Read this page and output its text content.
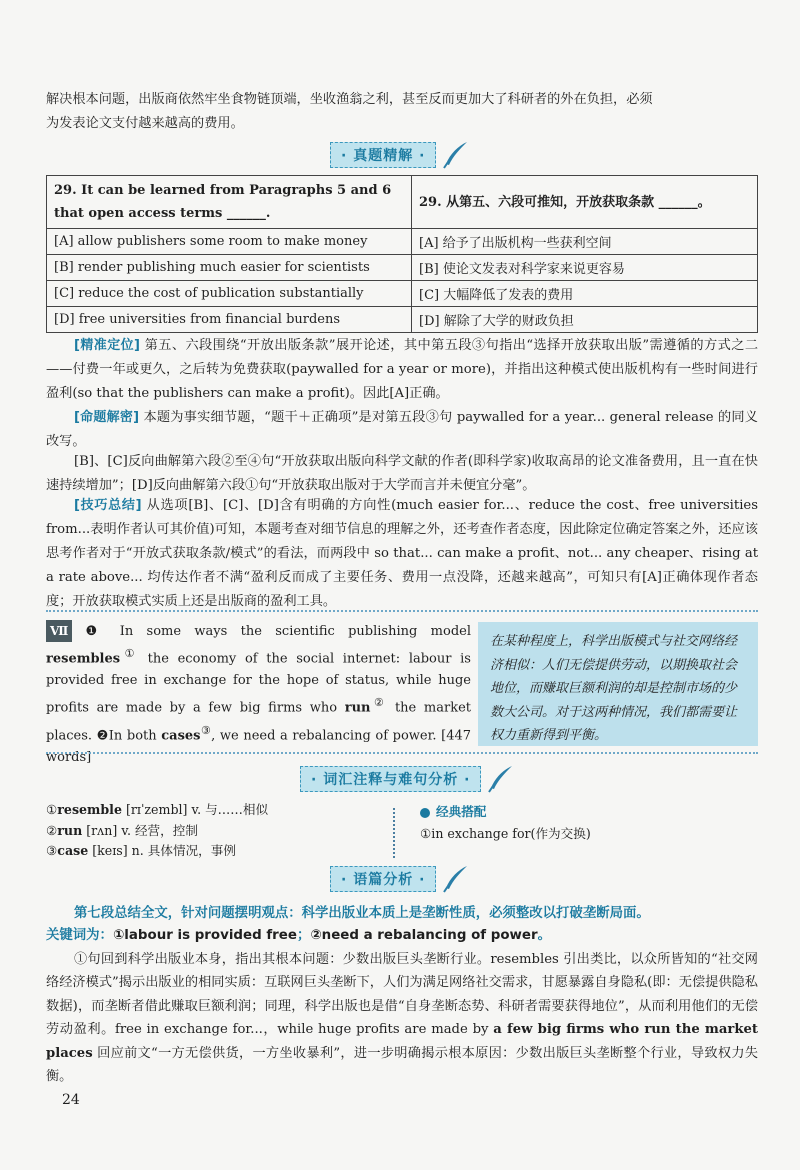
解决根本问题，出版商依然牢坐食物链顶端，坐收渔翁之利，甚至反而更加大了科研者的外在负担，必须
为发表论文支付越来越高的费用。

· 真题精解 ·
29. It can be learned from Paragraphs 5 and 6 that open access terms ______.	29. 从第五、六段可推知，开放获取条款 ______。
[A] allow publishers some room to make money	[A] 给予了出版机构一些获利空间
[B] render publishing much easier for scientists	[B] 使论文发表对科学家来说更容易
[C] reduce the cost of publication substantially	[C] 大幅降低了发表的费用
[D] free universities from financial burdens	[D] 解除了大学的财政负担

[精准定位] 第五、六段围绕“开放出版条款”展开论述，其中第五段③句指出“选择开放获取出版”需遵循的方式之二——付费一年或更久，之后转为免费获取(paywalled for a year or more)，并指出这种模式使出版机构有一些时间进行盈利(so that the publishers can make a profit)。因此[A]正确。

[命题解密] 本题为事实细节题，“题干＋正确项”是对第五段③句 paywalled for a year... general release 的同义改写。

[B]、[C]反向曲解第六段②至④句“开放获取出版向科学文献的作者(即科学家)收取高昂的论文准备费用，且一直在快速持续增加”；[D]反向曲解第六段①句“开放获取出版对于大学而言并未便宜分毫”。

[技巧总结] 从选项[B]、[C]、[D]含有明确的方向性(much easier for...、reduce the cost、free universities from...表明作者认可其价值)可知，本题考查对细节信息的理解之外，还考查作者态度，因此除定位确定答案之外，还应该思考作者对于“开放式获取条款/模式”的看法，而两段中 so that... can make a profit、not... any cheaper、rising at a rate above... 均传达作者不满“盈利反而成了主要任务、费用一点没降，还越来越高”，可知只有[A]正确体现作者态度；开放获取模式实质上还是出版商的盈利工具。

Ⅶ ❶ In some ways the scientific publishing model resembles① the economy of the social internet: labour is provided free in exchange for the hope of status, while huge profits are made by a few big firms who run② the market places. ❷In both cases③, we need a rebalancing of power. [447 words]
在某种程度上，科学出版模式与社交网络经济相似：人们无偿提供劳动，以期换取社会地位，而赚取巨额利润的却是控制市场的少数大公司。对于这两种情况，我们都需要让权力重新得到平衡。
· 词汇注释与难句分析 ·
①resemble [rɪˈzembl] v. 与……相似
②run [rʌn] v. 经营，控制
③case [keɪs] n. 具体情况，事例
经典搭配
①in exchange for(作为交换)
· 语篇分析 ·

第七段总结全文，针对问题摆明观点：科学出版业本质上是垄断性质，必须整改以打破垄断局面。
关键词为：①labour is provided free；②need a rebalancing of power。

①句回到科学出版业本身，指出其根本问题：少数出版巨头垄断行业。resembles 引出类比，以众所皆知的“社交网络经济模式”揭示出版业的相同实质：互联网巨头垄断下，人们为满足网络社交需求，甘愿暴露自身隐私(即：无偿提供隐私数据)，而垄断者借此赚取巨额利润；同理，科学出版也是借“自身垄断态势、科研者需要获得地位”，从而利用他们的无偿劳动盈利。free in exchange for...，while huge profits are made by a few big firms who run the market places 回应前文“一方无偿供货，一方坐收暴利”，进一步明确揭示根本原因：少数出版巨头垄断整个行业，导致权力失衡。

24
